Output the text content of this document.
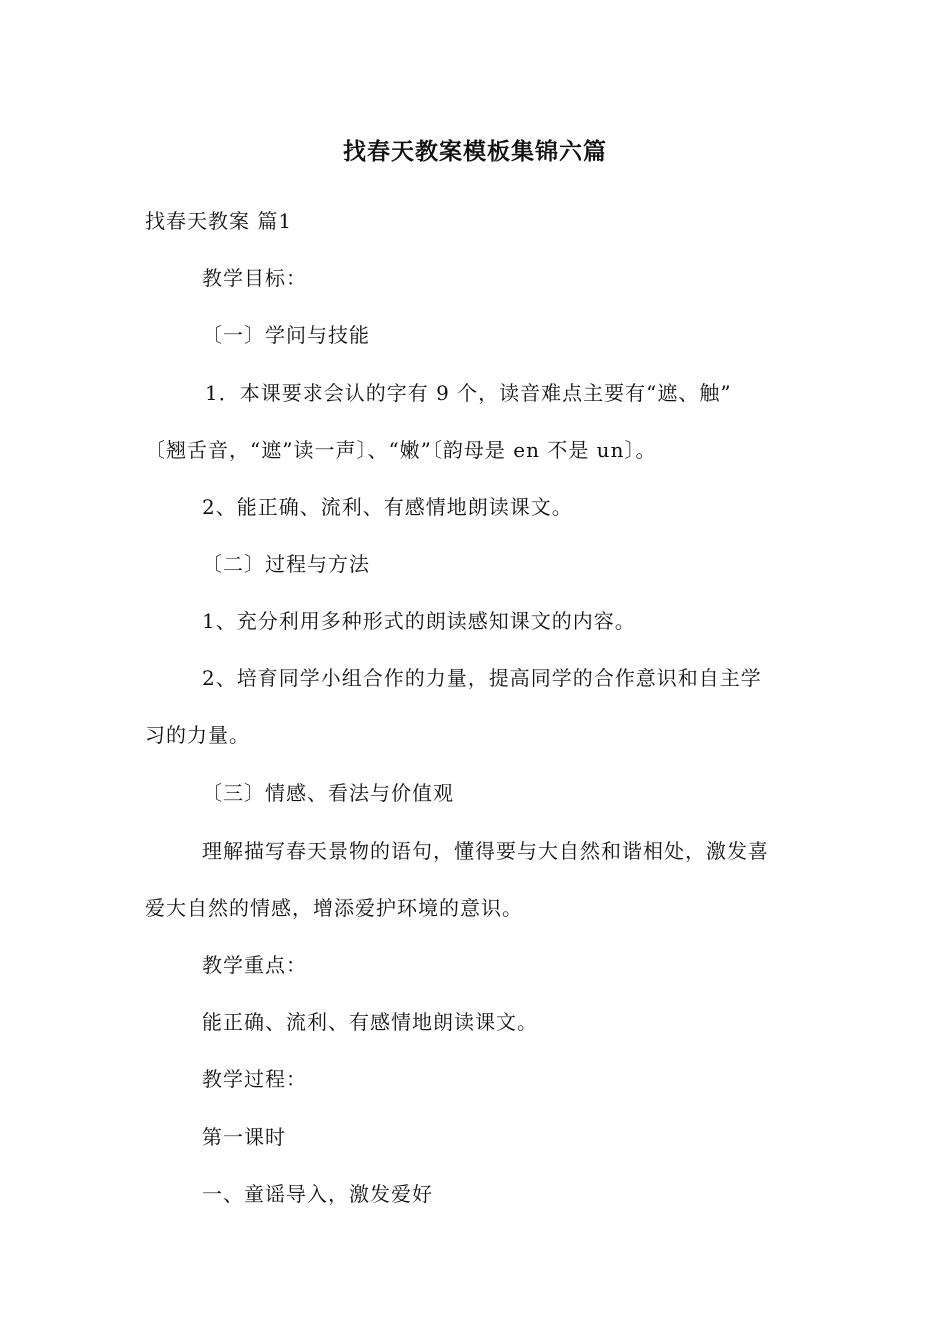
找春天教案模板集锦六篇
找春天教案 篇1
教学目标：
〔一〕学问与技能
1．本课要求会认的字有 9 个，读音难点主要有“遮、触”
〔翘舌音，“遮”读一声〕、“嫩”〔韵母是 en 不是 un〕。
2、能正确、流利、有感情地朗读课文。
〔二〕过程与方法
1、充分利用多种形式的朗读感知课文的内容。
2、培育同学小组合作的力量，提高同学的合作意识和自主学
习的力量。
〔三〕情感、看法与价值观
理解描写春天景物的语句，懂得要与大自然和谐相处，激发喜
爱大自然的情感，增添爱护环境的意识。
教学重点：
能正确、流利、有感情地朗读课文。
教学过程：
第一课时
一、童谣导入，激发爱好
